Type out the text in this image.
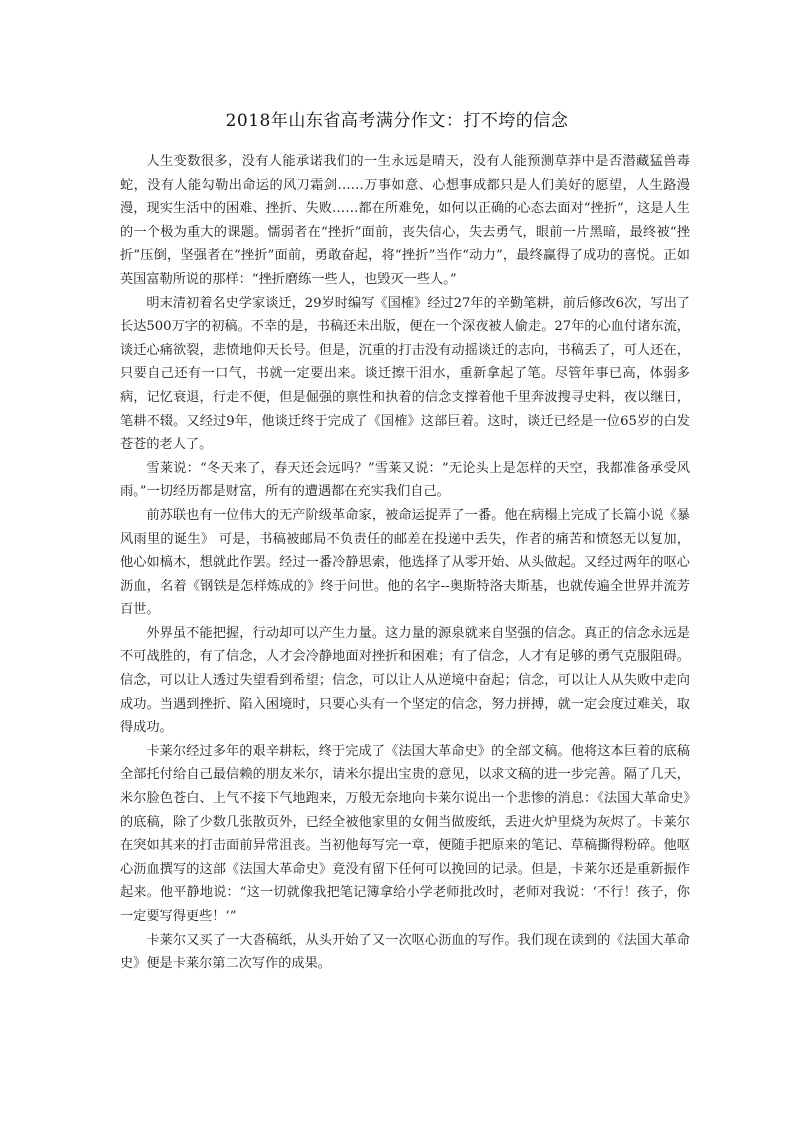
2018年山东省高考满分作文：打不垮的信念

人生变数很多，没有人能承诺我们的一生永远是晴天，没有人能预测草莽中是否潜藏猛兽毒蛇，没有人能勾勒出命运的风刀霜剑……万事如意、心想事成都只是人们美好的愿望，人生路漫漫，现实生活中的困难、挫折、失败……都在所难免，如何以正确的心态去面对“挫折”，这是人生的一个极为重大的课题。懦弱者在“挫折”面前，丧失信心，失去勇气，眼前一片黑暗，最终被“挫折”压倒，坚强者在“挫折”面前，勇敢奋起，将“挫折”当作“动力”，最终赢得了成功的喜悦。正如英国富勒所说的那样：“挫折磨练一些人，也毁灭一些人。”

明末清初着名史学家谈迁，29岁时编写《国榷》经过27年的辛勤笔耕，前后修改6次，写出了长达500万字的初稿。不幸的是，书稿还未出版，便在一个深夜被人偷走。27年的心血付诸东流，谈迁心痛欲裂，悲愤地仰天长号。但是，沉重的打击没有动摇谈迁的志向，书稿丢了，可人还在，只要自己还有一口气，书就一定要出来。谈迁擦干泪水，重新拿起了笔。尽管年事已高，体弱多病，记忆衰退，行走不便，但是倔强的禀性和执着的信念支撑着他千里奔波搜寻史料，夜以继日，笔耕不辍。又经过9年，他谈迁终于完成了《国榷》这部巨着。这时，谈迁已经是一位65岁的白发苍苍的老人了。

雪莱说：“冬天来了，春天还会远吗？”雪莱又说：“无论头上是怎样的天空，我都准备承受风雨。”一切经历都是财富，所有的遭遇都在充实我们自己。

前苏联也有一位伟大的无产阶级革命家，被命运捉弄了一番。他在病榻上完成了长篇小说《暴风雨里的诞生》 可是，书稿被邮局不负责任的邮差在投递中丢失，作者的痛苦和愤怒无以复加，他心如槁木，想就此作罢。经过一番冷静思索，他选择了从零开始、从头做起。又经过两年的呕心沥血，名着《钢铁是怎样炼成的》终于问世。他的名字--奥斯特洛夫斯基，也就传遍全世界并流芳百世。

外界虽不能把握，行动却可以产生力量。这力量的源泉就来自坚强的信念。真正的信念永远是不可战胜的，有了信念，人才会冷静地面对挫折和困难；有了信念，人才有足够的勇气克服阻碍。信念，可以让人透过失望看到希望；信念，可以让人从逆境中奋起；信念，可以让人从失败中走向成功。当遇到挫折、陷入困境时，只要心头有一个坚定的信念，努力拼搏，就一定会度过难关，取得成功。

卡莱尔经过多年的艰辛耕耘，终于完成了《法国大革命史》的全部文稿。他将这本巨着的底稿全部托付给自己最信赖的朋友米尔，请米尔提出宝贵的意见，以求文稿的进一步完善。隔了几天，米尔脸色苍白、上气不接下气地跑来，万般无奈地向卡莱尔说出一个悲惨的消息：《法国大革命史》的底稿，除了少数几张散页外，已经全被他家里的女佣当做废纸，丢进火炉里烧为灰烬了。卡莱尔在突如其来的打击面前异常沮丧。当初他每写完一章，便随手把原来的笔记、草稿撕得粉碎。他呕心沥血撰写的这部《法国大革命史》竟没有留下任何可以挽回的记录。但是，卡莱尔还是重新振作起来。他平静地说：“这一切就像我把笔记簿拿给小学老师批改时，老师对我说：‘不行！孩子，你一定要写得更些！’”

卡莱尔又买了一大沓稿纸，从头开始了又一次呕心沥血的写作。我们现在读到的《法国大革命史》便是卡莱尔第二次写作的成果。
